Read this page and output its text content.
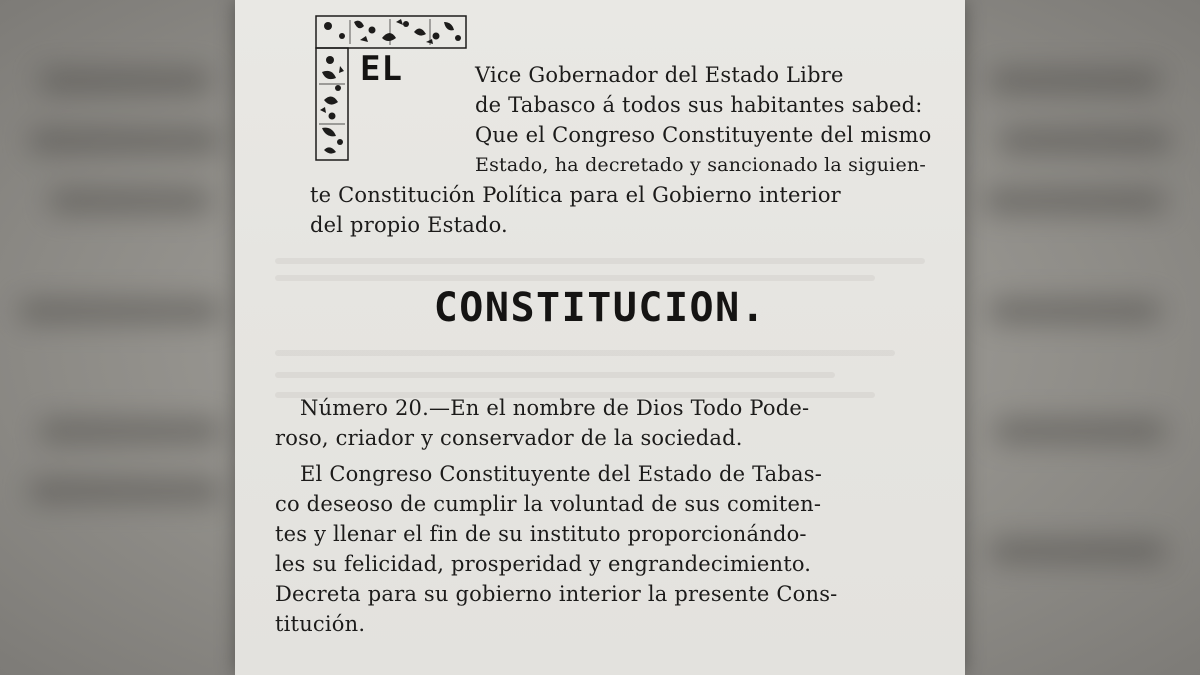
EL	Vice Gobernador del Estado Libre
de Tabasco á todos sus habitantes sabed:
Que el Congreso Constituyente del mismo
Estado, ha decretado y sancionado la siguien-
te Constitución Política para el Gobierno interior
del propio Estado.
CONSTITUCION.
Número 20.—En el nombre de Dios Todo Pode-
roso, criador y conservador de la sociedad.
El Congreso Constituyente del Estado de Tabas-
co deseoso de cumplir la voluntad de sus comiten-
tes y llenar el fin de su instituto proporcionándo-
les su felicidad, prosperidad y engrandecimiento.
Decreta para su gobierno interior la presente Cons-
titución.
